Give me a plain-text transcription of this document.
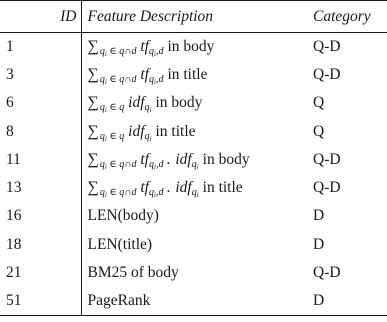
ID	Feature Description	Category
1	$\sum_{q_i \in q\cap d}$ $tf_{q_i,d}$ in body	Q-D
3	$\sum_{q_i \in q\cap d}$ $tf_{q_i,d}$ in title	Q-D
6	$\sum_{q_i \in q}$ idf$_{q_i}$ in body	Q
8	$\sum_{q_i \in q}$ idf$_{q_i}$ in title	Q
11	$\sum_{q_i \in q\cap d}$ $tf_{q_i,d}$ . idf$_{q_i}$ in body	Q-D
13	$\sum_{q_i \in q\cap d}$ $tf_{q_i,d}$ . idf$_{q_i}$ in title	Q-D
16	LEN(body)	D
18	LEN(title)	D
21	BM25 of body	Q-D
51	PageRank	D
